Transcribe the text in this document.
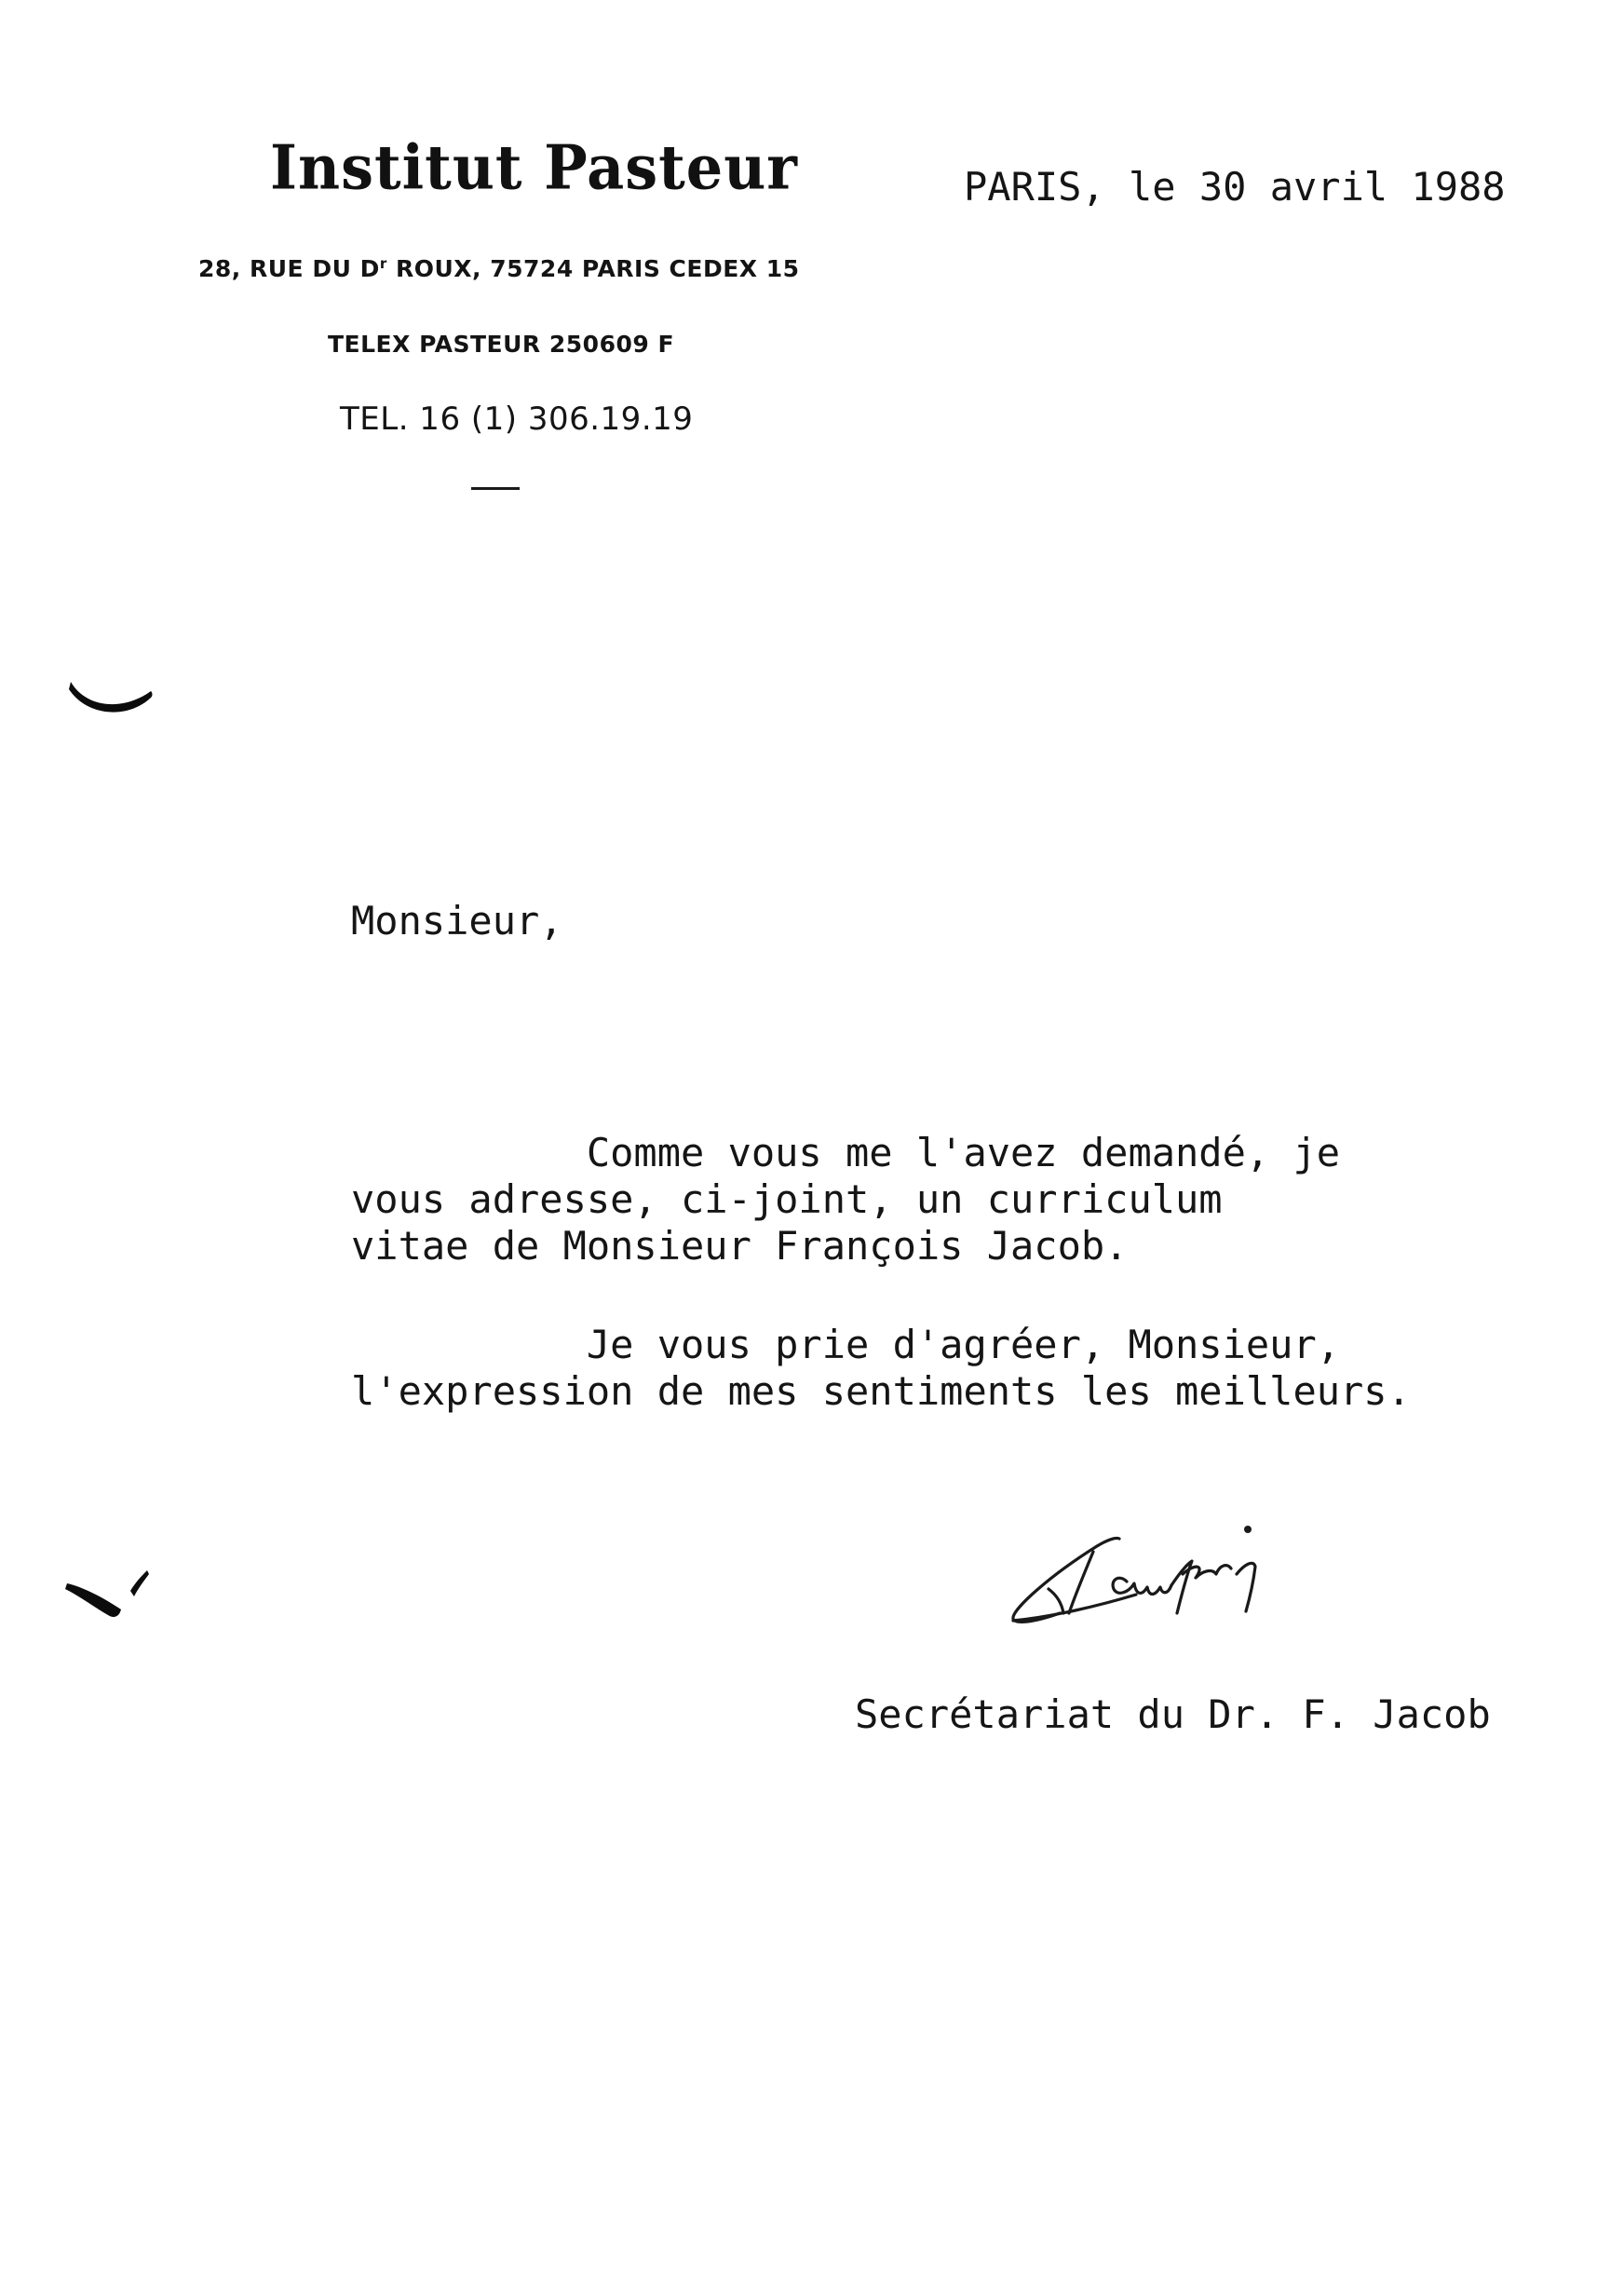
Institut Pasteur
28, RUE DU $D^r$ ROUX, 75724 PARIS CEDEX 15
TELEX PASTEUR 250609 F
TEL. 16 (1) 306.19.19
PARIS, le 30 avril 1988
Monsieur,
Comme vous me l'avez demandé, je
vous adresse, ci-joint, un curriculum
vitae de Monsieur François Jacob.
Je vous prie d'agréer, Monsieur,
l'expression de mes sentiments les meilleurs.
Secrétariat du Dr. F. Jacob
